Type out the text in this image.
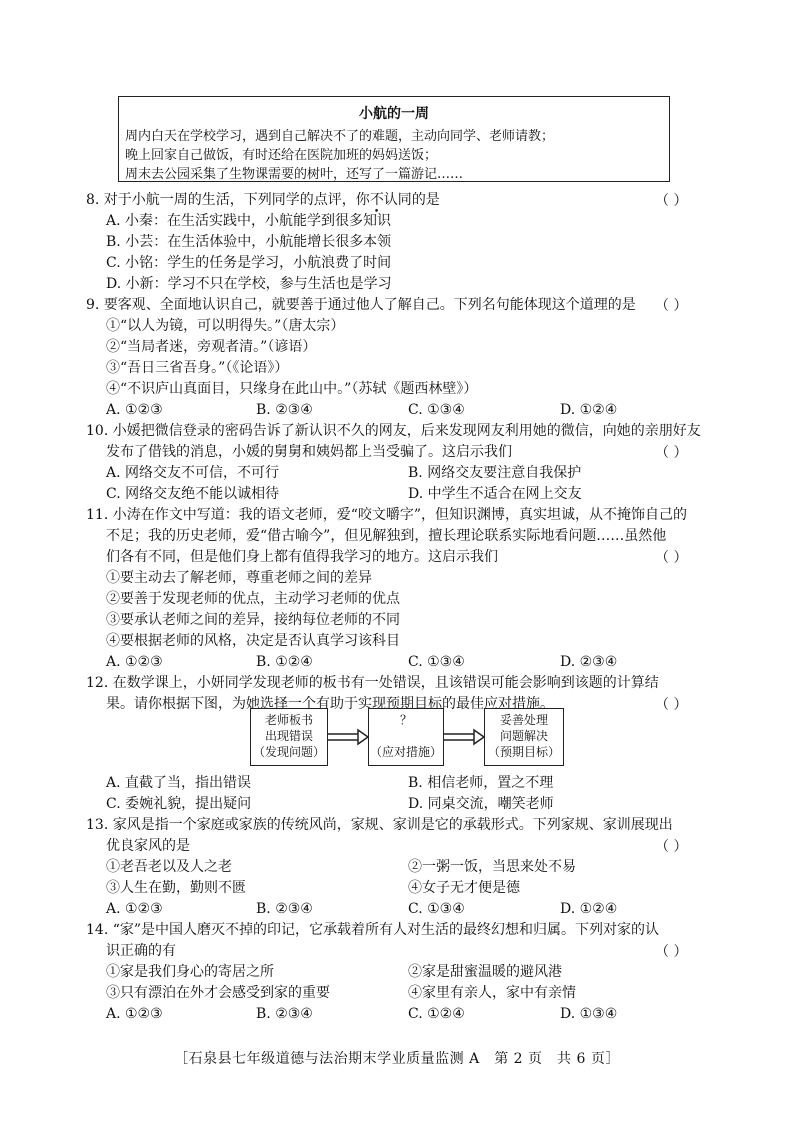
小航的一周
周内白天在学校学习，遇到自己解决不了的难题，主动向同学、老师请教；
晚上回家自己做饭，有时还给在医院加班的妈妈送饭；
周末去公园采集了生物课需要的树叶，还写了一篇游记……
8. 对于小航一周的生活，下列同学的点评，你不认同的是	（ ）
A. 小秦：在生活实践中，小航能学到很多知识
B. 小芸：在生活体验中，小航能增长很多本领
C. 小铭：学生的任务是学习，小航浪费了时间
D. 小新：学习不只在学校，参与生活也是学习
9. 要客观、全面地认识自己，就要善于通过他人了解自己。下列名句能体现这个道理的是 （ ）
①“以人为镜，可以明得失。”（唐太宗）
②“当局者迷，旁观者清。”（谚语）
③“吾日三省吾身。”（《论语》）
④“不识庐山真面目，只缘身在此山中。”（苏轼《题西林壁》）
A. ①②③	B. ②③④	C. ①③④	D. ①②④
10. 小媛把微信登录的密码告诉了新认识不久的网友，后来发现网友利用她的微信，向她的亲朋好友
发布了借钱的消息，小媛的舅舅和姨妈都上当受骗了。这启示我们	（ ）
A. 网络交友不可信，不可行	B. 网络交友要注意自我保护
C. 网络交友绝不能以诚相待	D. 中学生不适合在网上交友
11. 小涛在作文中写道：我的语文老师，爱“咬文嚼字”，但知识渊博，真实坦诚，从不掩饰自己的
不足；我的历史老师，爱“借古喻今”，但见解独到，擅长理论联系实际地看问题……虽然他
们各有不同，但是他们身上都有值得我学习的地方。这启示我们	（ ）
①要主动去了解老师，尊重老师之间的差异
②要善于发现老师的优点，主动学习老师的优点
③要承认老师之间的差异，接纳每位老师的不同
④要根据老师的风格，决定是否认真学习该科目
A. ①②③	B. ①②④	C. ①③④	D. ②③④
12. 在数学课上，小妍同学发现老师的板书有一处错误，且该错误可能会影响到该题的计算结
果。请你根据下图，为她选择一个有助于实现预期目标的最佳应对措施。	（ ）
老师板书
出现错误
（发现问题）
？
（应对措施）
妥善处理
问题解决
（预期目标）
A. 直截了当，指出错误	B. 相信老师，置之不理
C. 委婉礼貌，提出疑问	D. 同桌交流，嘲笑老师
13. 家风是指一个家庭或家族的传统风尚，家规、家训是它的承载形式。下列家规、家训展现出
优良家风的是	（ ）
①老吾老以及人之老	②一粥一饭，当思来处不易
③人生在勤，勤则不匮	④女子无才便是德
A. ①②③	B. ②③④	C. ①③④	D. ①②④
14. “家”是中国人磨灭不掉的印记，它承载着所有人对生活的最终幻想和归属。下列对家的认
识正确的有	（ ）
①家是我们身心的寄居之所	②家是甜蜜温暖的避风港
③只有漂泊在外才会感受到家的重要	④家里有亲人，家中有亲情
A. ①②③	B. ②③④	C. ①②④	D. ①③④
［石泉县七年级道德与法治期末学业质量监测 A　第 2 页　共 6 页］
